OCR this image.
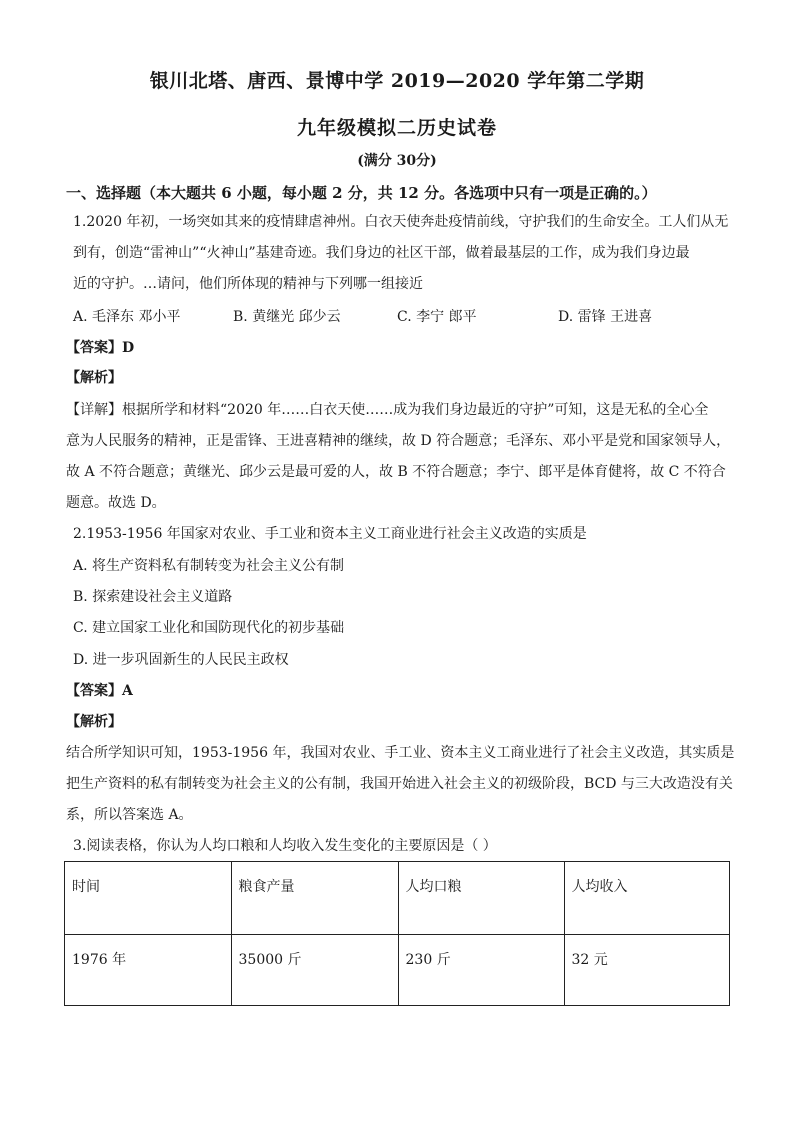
银川北塔、唐西、景博中学 2019—2020 学年第二学期
九年级模拟二历史试卷
(满分 30分)
一、选择题（本大题共 6 小题，每小题 2 分，共 12 分。各选项中只有一项是正确的。）
1.2020 年初，一场突如其来的疫情肆虐神州。白衣天使奔赴疫情前线，守护我们的生命安全。工人们从无
到有，创造“雷神山”“火神山”基建奇迹。我们身边的社区干部，做着最基层的工作，成为我们身边最
近的守护。…请问，他们所体现的精神与下列哪一组接近
A. 毛泽东 邓小平	B. 黄继光 邱少云	C. 李宁 郎平	D. 雷锋 王进喜
【答案】D
【解析】
【详解】根据所学和材料“2020 年……白衣天使……成为我们身边最近的守护”可知，这是无私的全心全
意为人民服务的精神，正是雷锋、王进喜精神的继续，故 D 符合题意；毛泽东、邓小平是党和国家领导人，
故 A 不符合题意；黄继光、邱少云是最可爱的人，故 B 不符合题意；李宁、郎平是体育健将，故 C 不符合
题意。故选 D。
2.1953-1956 年国家对农业、手工业和资本主义工商业进行社会主义改造的实质是
A. 将生产资料私有制转变为社会主义公有制
B. 探索建设社会主义道路
C. 建立国家工业化和国防现代化的初步基础
D. 进一步巩固新生的人民民主政权
【答案】A
【解析】
结合所学知识可知，1953-1956 年，我国对农业、手工业、资本主义工商业进行了社会主义改造，其实质是
把生产资料的私有制转变为社会主义的公有制，我国开始进入社会主义的初级阶段，BCD 与三大改造没有关
系，所以答案选 A。
3.阅读表格，你认为人均口粮和人均收入发生变化的主要原因是（ ）
时间	粮食产量	人均口粮	人均收入
1976 年	35000 斤	230 斤	32 元
